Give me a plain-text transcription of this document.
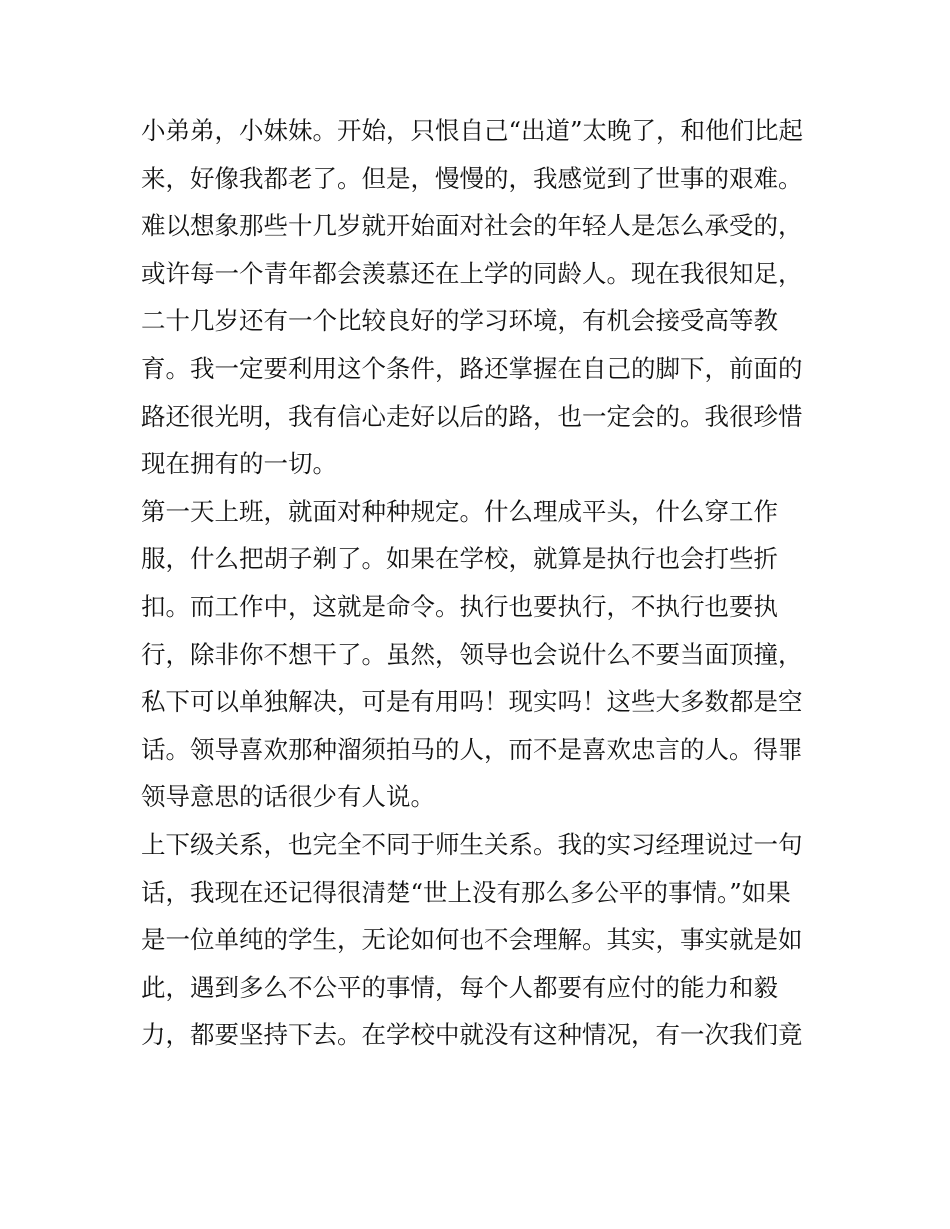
小弟弟，小妹妹。开始，只恨自己“出道”太晚了，和他们比起
来，好像我都老了。但是，慢慢的，我感觉到了世事的艰难。
难以想象那些十几岁就开始面对社会的年轻人是怎么承受的，
或许每一个青年都会羡慕还在上学的同龄人。现在我很知足，
二十几岁还有一个比较良好的学习环境，有机会接受高等教
育。我一定要利用这个条件，路还掌握在自己的脚下，前面的
路还很光明，我有信心走好以后的路，也一定会的。我很珍惜
现在拥有的一切。
第一天上班，就面对种种规定。什么理成平头，什么穿工作
服，什么把胡子剃了。如果在学校，就算是执行也会打些折
扣。而工作中，这就是命令。执行也要执行，不执行也要执
行，除非你不想干了。虽然，领导也会说什么不要当面顶撞，
私下可以单独解决，可是有用吗！现实吗！这些大多数都是空
话。领导喜欢那种溜须拍马的人，而不是喜欢忠言的人。得罪
领导意思的话很少有人说。
上下级关系，也完全不同于师生关系。我的实习经理说过一句
话，我现在还记得很清楚“世上没有那么多公平的事情。”如果
是一位单纯的学生，无论如何也不会理解。其实，事实就是如
此，遇到多么不公平的事情，每个人都要有应付的能力和毅
力，都要坚持下去。在学校中就没有这种情况，有一次我们竟
